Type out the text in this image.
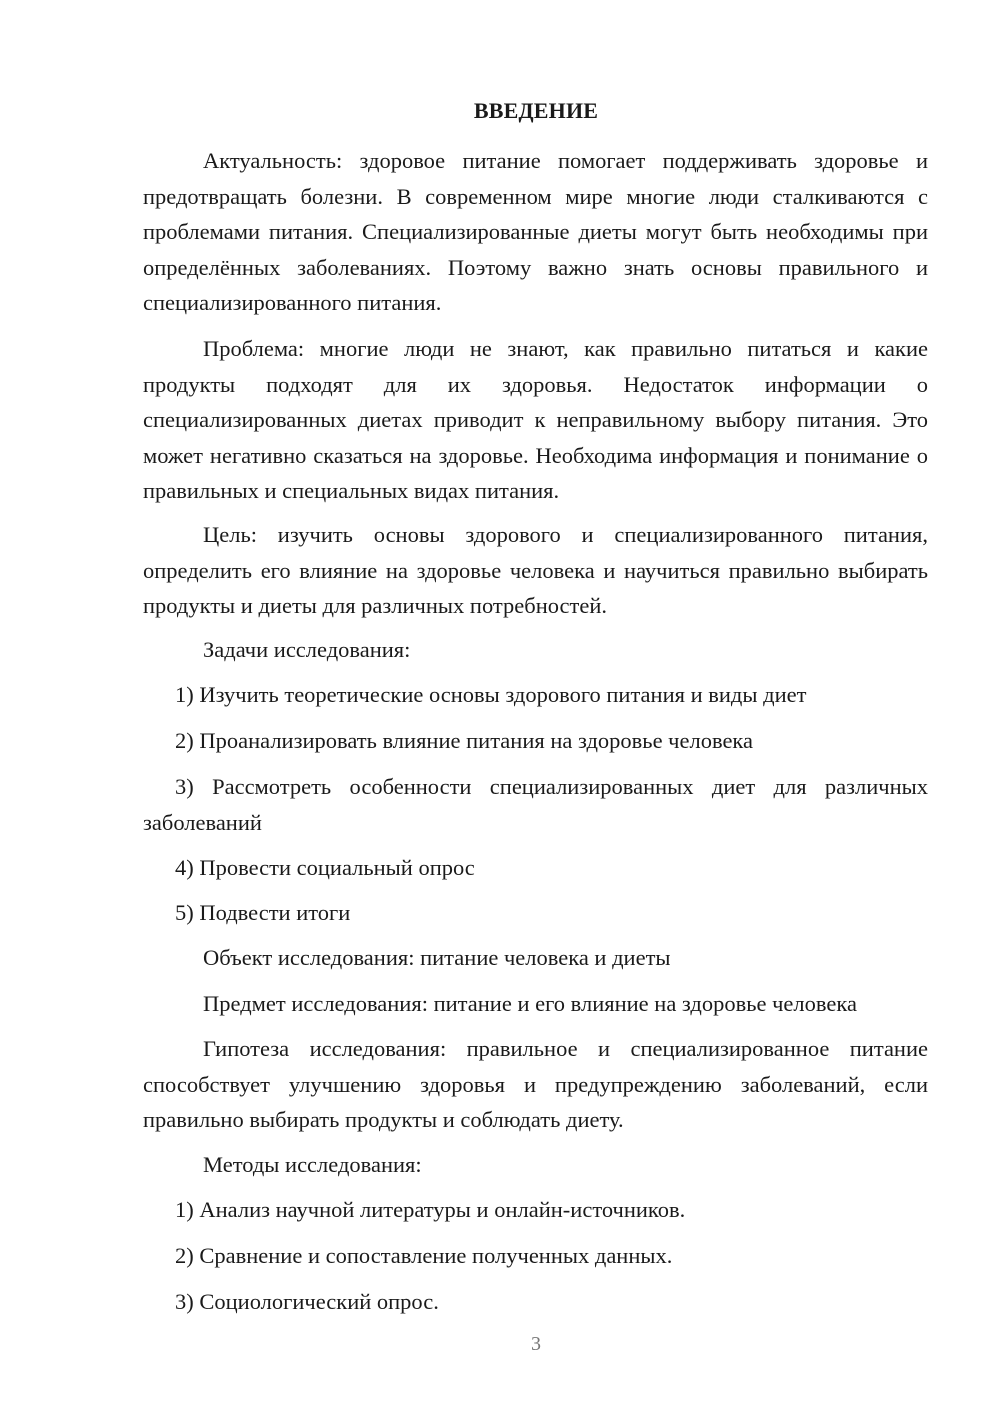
ВВЕДЕНИЕ

Актуальность: здоровое питание помогает поддерживать здоровье и предотвращать болезни. В современном мире многие люди сталкиваются с проблемами питания. Специализированные диеты могут быть необходимы при определённых заболеваниях. Поэтому важно знать основы правильного и специализированного питания.

Проблема: многие люди не знают, как правильно питаться и какие продукты подходят для их здоровья. Недостаток информации о специализированных диетах приводит к неправильному выбору питания. Это может негативно сказаться на здоровье. Необходима информация и понимание о правильных и специальных видах питания.

Цель: изучить основы здорового и специализированного питания, определить его влияние на здоровье человека и научиться правильно выбирать продукты и диеты для различных потребностей.

Задачи исследования:

1) Изучить теоретические основы здорового питания и виды диет

2) Проанализировать влияние питания на здоровье человека

3) Рассмотреть особенности специализированных диет для различных заболеваний

4) Провести социальный опрос

5) Подвести итоги

Объект исследования: питание человека и диеты

Предмет исследования: питание и его влияние на здоровье человека

Гипотеза исследования: правильное и специализированное питание способствует улучшению здоровья и предупреждению заболеваний, если правильно выбирать продукты и соблюдать диету.

Методы исследования:

1) Анализ научной литературы и онлайн-источников.

2) Сравнение и сопоставление полученных данных.

3) Социологический опрос.

3
